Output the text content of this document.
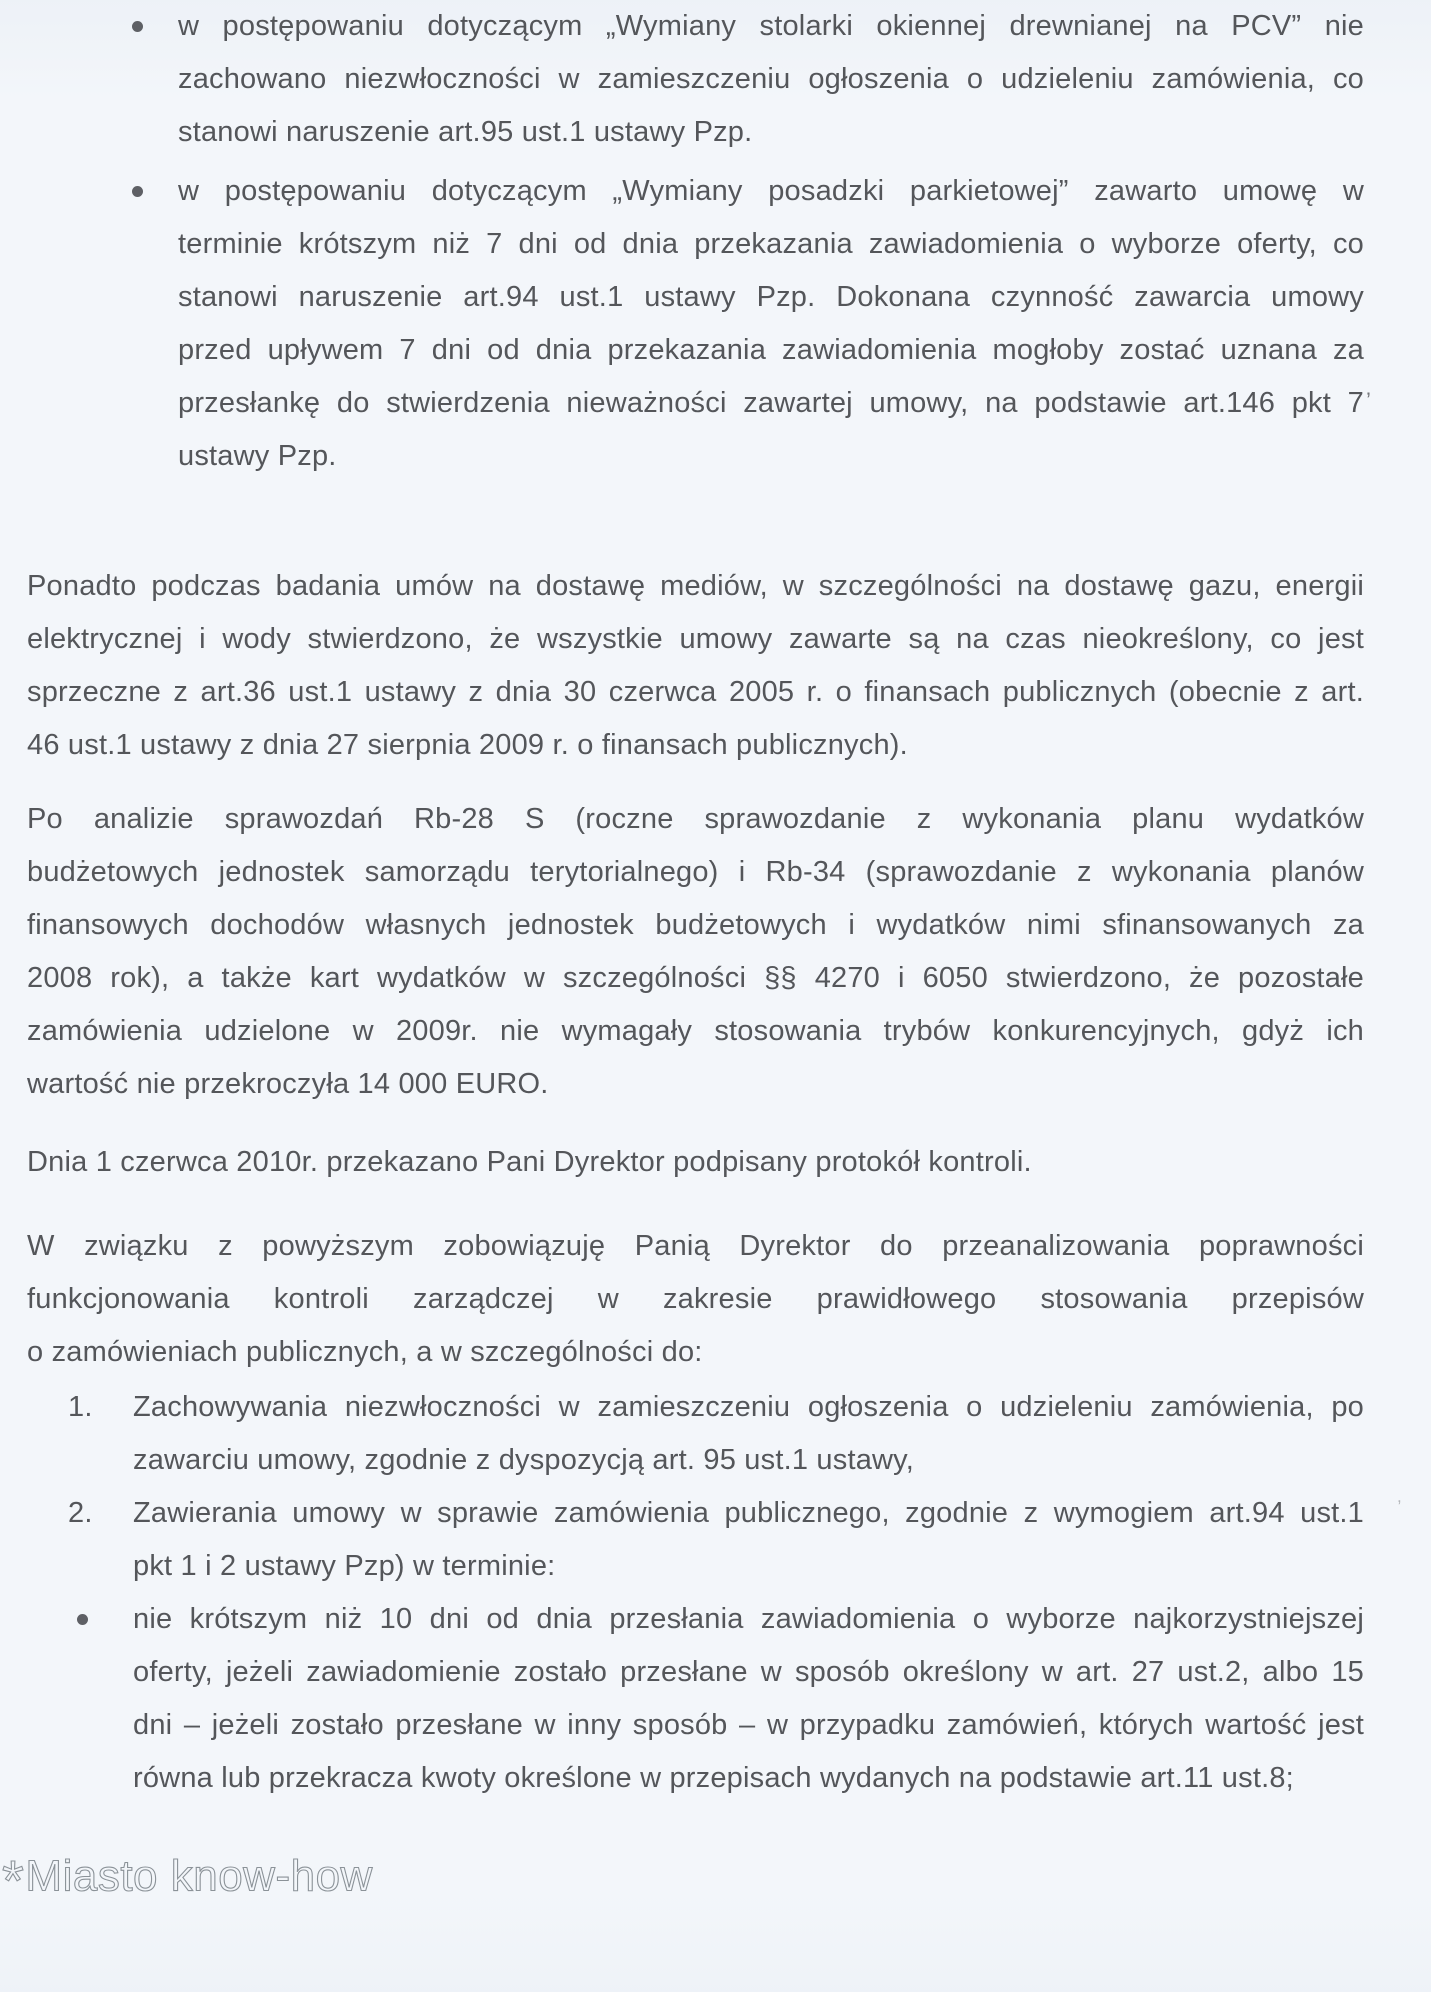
w postępowaniu dotyczącym „Wymiany stolarki okiennej drewnianej na PCV” nie
zachowano niezwłoczności w zamieszczeniu ogłoszenia o udzieleniu zamówienia, co
stanowi naruszenie art.95 ust.1 ustawy Pzp.
w postępowaniu dotyczącym „Wymiany posadzki parkietowej” zawarto umowę w
terminie krótszym niż 7 dni od dnia przekazania zawiadomienia o wyborze oferty, co
stanowi naruszenie art.94 ust.1 ustawy Pzp. Dokonana czynność zawarcia umowy
przed upływem 7 dni od dnia przekazania zawiadomienia mogłoby zostać uznana za
przesłankę do stwierdzenia nieważności zawartej umowy, na podstawie art.146 pkt 7
ustawy Pzp.
Ponadto podczas badania umów na dostawę mediów, w szczególności na dostawę gazu, energii
elektrycznej i wody stwierdzono, że wszystkie umowy zawarte są na czas nieokreślony, co jest
sprzeczne z art.36 ust.1 ustawy z dnia 30 czerwca 2005 r. o finansach publicznych (obecnie z art.
46 ust.1 ustawy z dnia 27 sierpnia 2009 r. o finansach publicznych).
Po analizie sprawozdań Rb-28 S (roczne sprawozdanie z wykonania planu wydatków
budżetowych jednostek samorządu terytorialnego) i Rb-34 (sprawozdanie z wykonania planów
finansowych dochodów własnych jednostek budżetowych i wydatków nimi sfinansowanych za
2008 rok), a także kart wydatków w szczególności §§ 4270 i 6050 stwierdzono, że pozostałe
zamówienia udzielone w 2009r. nie wymagały stosowania trybów konkurencyjnych, gdyż ich
wartość nie przekroczyła 14 000 EURO.
Dnia 1 czerwca 2010r. przekazano Pani Dyrektor podpisany protokół kontroli.
W związku z powyższym zobowiązuję Panią Dyrektor do przeanalizowania poprawności
funkcjonowania kontroli zarządczej w zakresie prawidłowego stosowania przepisów
o zamówieniach publicznych, a w szczególności do:
1. Zachowywania niezwłoczności w zamieszczeniu ogłoszenia o udzieleniu zamówienia, po
zawarciu umowy, zgodnie z dyspozycją art. 95 ust.1 ustawy,
2. Zawierania umowy w sprawie zamówienia publicznego, zgodnie z wymogiem art.94 ust.1
pkt 1 i 2 ustawy Pzp) w terminie:
nie krótszym niż 10 dni od dnia przesłania zawiadomienia o wyborze najkorzystniejszej
oferty, jeżeli zawiadomienie zostało przesłane w sposób określony w art. 27 ust.2, albo 15
dni – jeżeli zostało przesłane w inny sposób – w przypadku zamówień, których wartość jest
równa lub przekracza kwoty określone w przepisach wydanych na podstawie art.11 ust.8;
’
,
*Miasto know-how
